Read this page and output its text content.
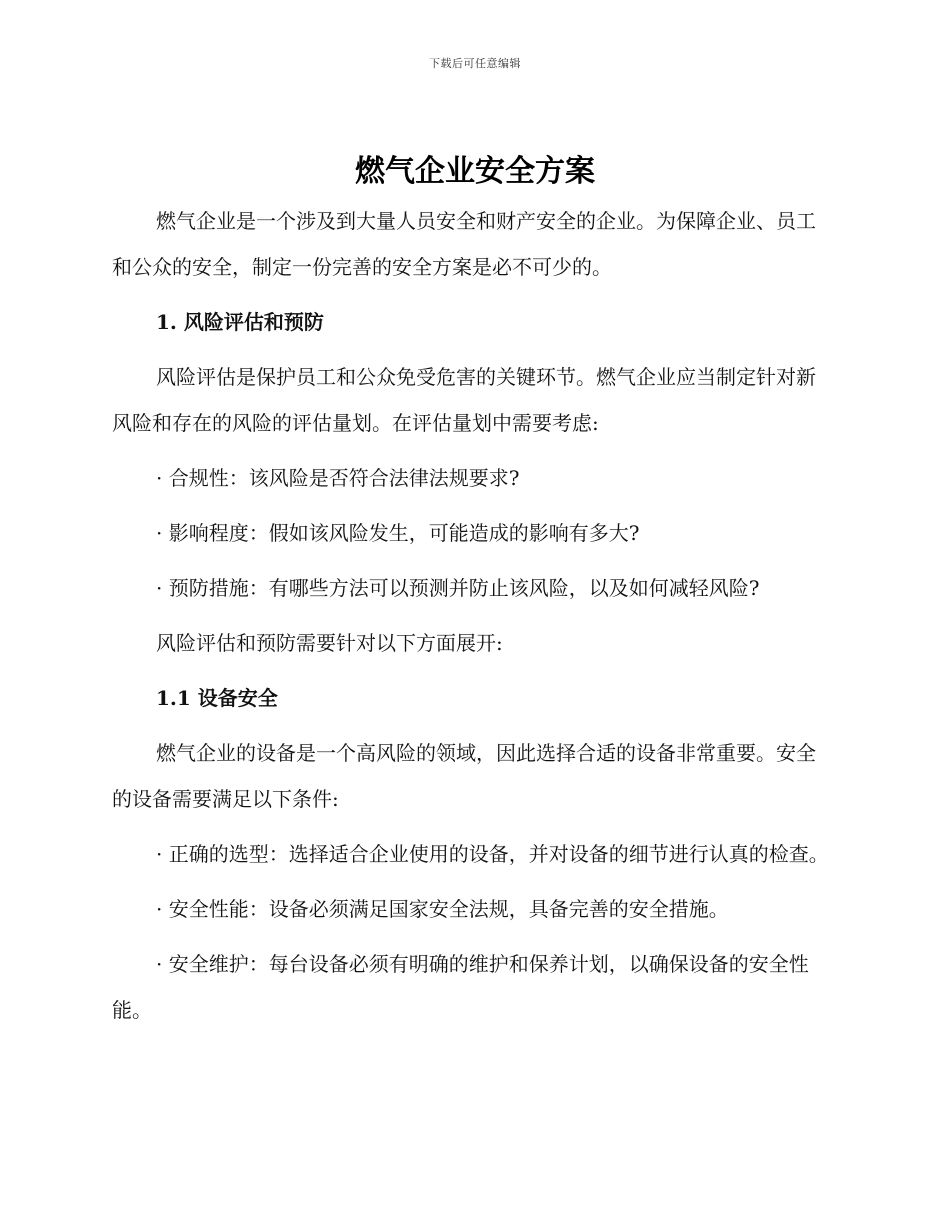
下载后可任意编辑
燃气企业安全方案

燃气企业是一个涉及到大量人员安全和财产安全的企业。为保障企业、员工和公众的安全，制定一份完善的安全方案是必不可少的。

1. 风险评估和预防

风险评估是保护员工和公众免受危害的关键环节。燃气企业应当制定针对新风险和存在的风险的评估量划。在评估量划中需要考虑:

· 合规性：该风险是否符合法律法规要求?

· 影响程度：假如该风险发生，可能造成的影响有多大?

· 预防措施：有哪些方法可以预测并防止该风险，以及如何减轻风险?

风险评估和预防需要针对以下方面展开:

1.1 设备安全

燃气企业的设备是一个高风险的领域，因此选择合适的设备非常重要。安全的设备需要满足以下条件:

· 正确的选型：选择适合企业使用的设备，并对设备的细节进行认真的检查。

· 安全性能：设备必须满足国家安全法规，具备完善的安全措施。

· 安全维护：每台设备必须有明确的维护和保养计划，以确保设备的安全性能。
